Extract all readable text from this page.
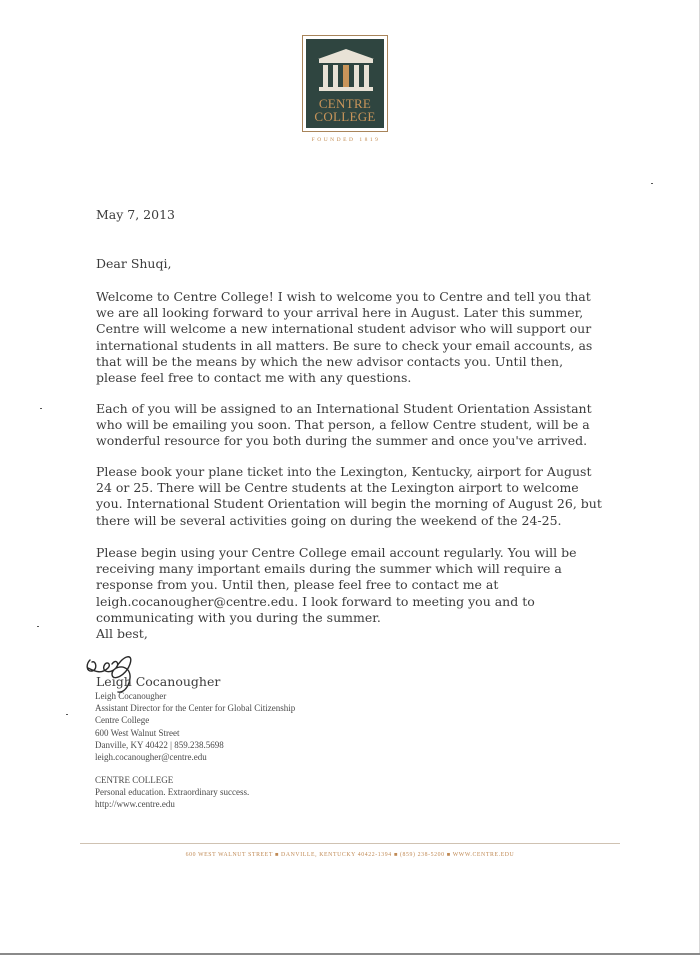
CENTRE
COLLEGE
FOUNDED 1819
May 7, 2013
Dear Shuqi,
Welcome to Centre College! I wish to welcome you to Centre and tell you that we are all looking forward to your arrival here in August. Later this summer, Centre will welcome a new international student advisor who will support our international students in all matters. Be sure to check your email accounts, as that will be the means by which the new advisor contacts you. Until then, please feel free to contact me with any questions.
Each of you will be assigned to an International Student Orientation Assistant who will be emailing you soon. That person, a fellow Centre student, will be a wonderful resource for you both during the summer and once you've arrived.
Please book your plane ticket into the Lexington, Kentucky, airport for August 24 or 25. There will be Centre students at the Lexington airport to welcome you. International Student Orientation will begin the morning of August 26, but there will be several activities going on during the weekend of the 24-25.
Please begin using your Centre College email account regularly. You will be receiving many important emails during the summer which will require a response from you. Until then, please feel free to contact me at leigh.cocanougher@centre.edu. I look forward to meeting you and to communicating with you during the summer.
All best,
Leigh Cocanougher
Leigh Cocanougher
Assistant Director for the Center for Global Citizenship
Centre College
600 West Walnut Street
Danville, KY 40422 | 859.238.5698
leigh.cocanougher@centre.edu
CENTRE COLLEGE
Personal education. Extraordinary success.
http://www.centre.edu
600 WEST WALNUT STREET ■ DANVILLE, KENTUCKY 40422-1394 ■ (859) 238-5200 ■ WWW.CENTRE.EDU
